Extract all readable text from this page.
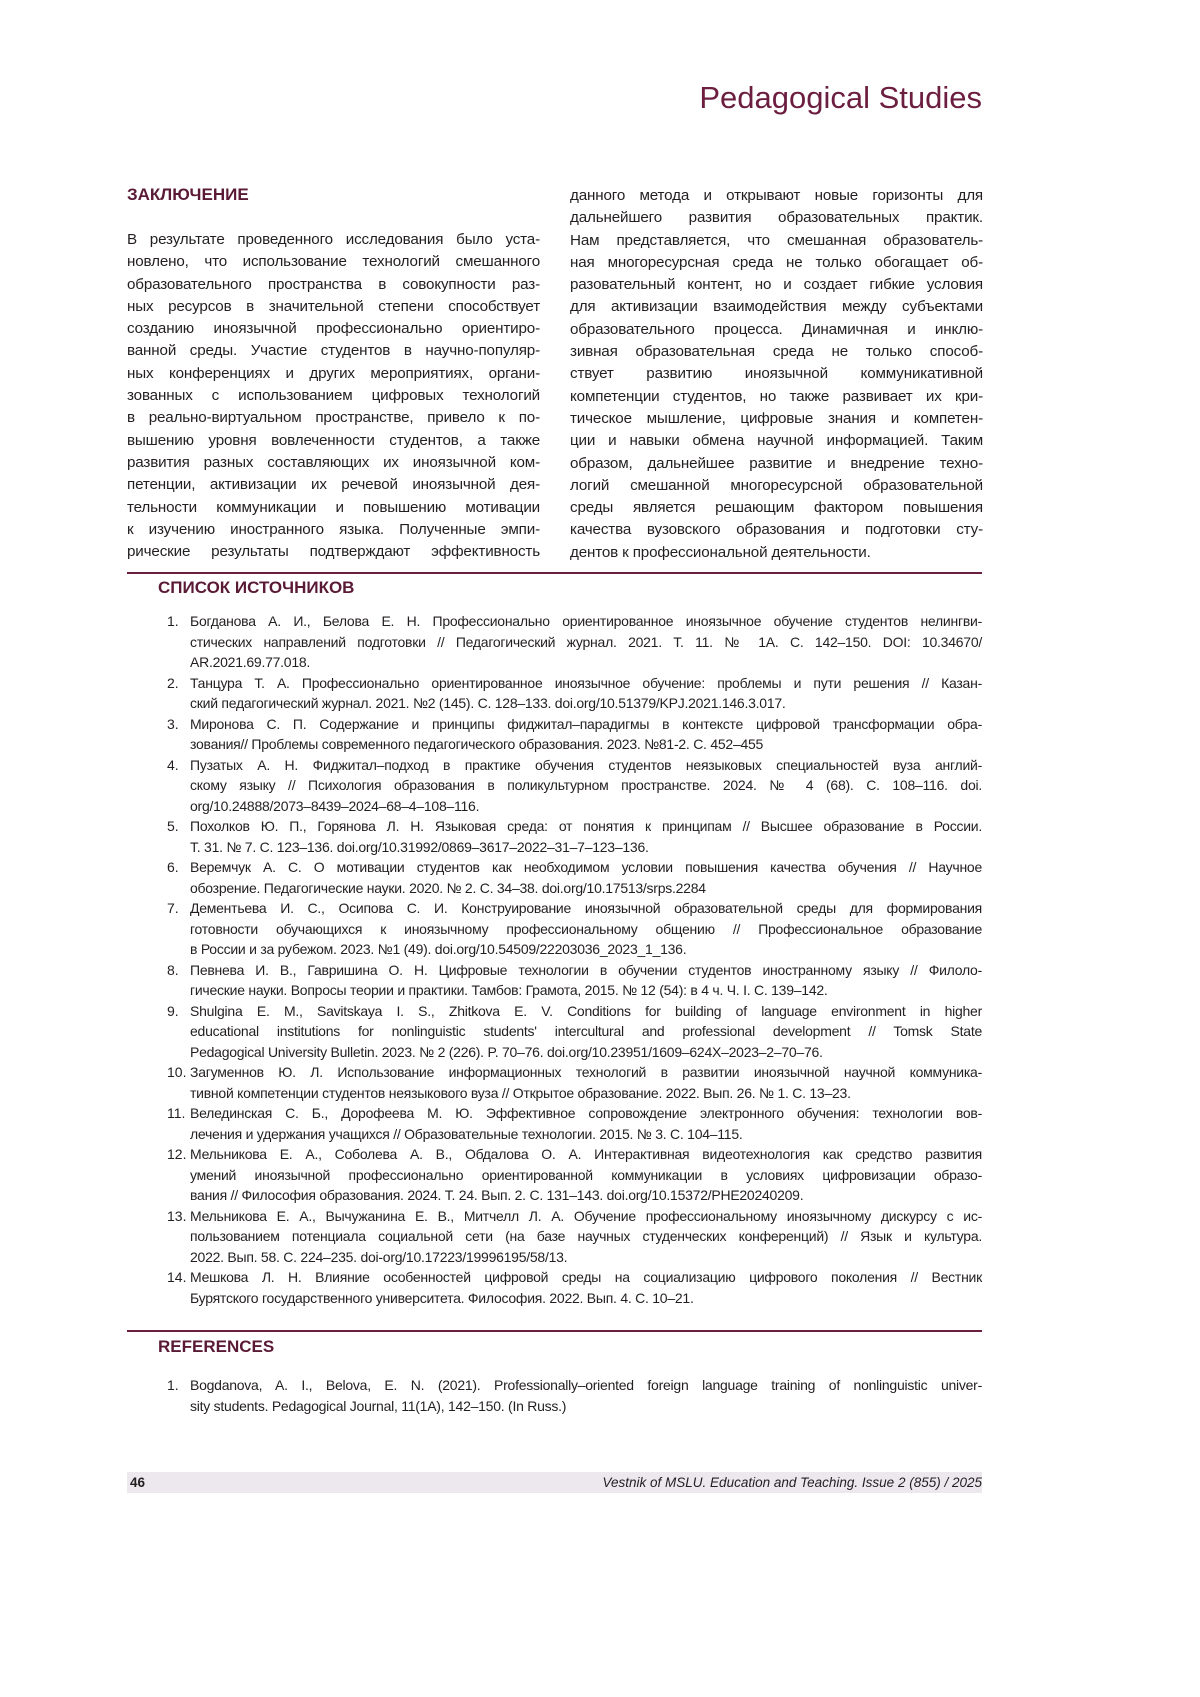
Pedagogical Studies
ЗАКЛЮЧЕНИЕ
В результате проведенного исследования было уста-
новлено, что использование технологий смешанного
образовательного пространства в совокупности раз-
ных ресурсов в значительной степени способствует
созданию иноязычной профессионально ориентиро-
ванной среды. Участие студентов в научно-популяр-
ных конференциях и других мероприятиях, органи-
зованных с использованием цифровых технологий
в реально-виртуальном пространстве, привело к по-
вышению уровня вовлеченности студентов, а также
развития разных составляющих их иноязычной ком-
петенции, активизации их речевой иноязычной дея-
тельности коммуникации и повышению мотивации
к изучению иностранного языка. Полученные эмпи-
рические результаты подтверждают эффективность
данного метода и открывают новые горизонты для
дальнейшего развития образовательных практик.
Нам представляется, что смешанная образователь-
ная многоресурсная среда не только обогащает об-
разовательный контент, но и создает гибкие условия
для активизации взаимодействия между субъектами
образовательного процесса. Динамичная и инклю-
зивная образовательная среда не только способ-
ствует развитию иноязычной коммуникативной
компетенции студентов, но также развивает их кри-
тическое мышление, цифровые знания и компетен-
ции и навыки обмена научной информацией. Таким
образом, дальнейшее развитие и внедрение техно-
логий смешанной многоресурсной образовательной
среды является решающим фактором повышения
качества вузовского образования и подготовки сту-
дентов к профессиональной деятельности.
СПИСОК ИСТОЧНИКОВ
1. Богданова А. И., Белова Е. Н. Профессионально ориентированное иноязычное обучение студентов нелингви-
стических направлений подготовки // Педагогический журнал. 2021. Т. 11. № 1А. С. 142–150. DOI: 10.34670/
AR.2021.69.77.018.
2. Танцура Т. А. Профессионально ориентированное иноязычное обучение: проблемы и пути решения // Казан-
ский педагогический журнал. 2021. №2 (145). С. 128–133. doi.org/10.51379/KPJ.2021.146.3.017.
3. Миронова С. П. Содержание и принципы фиджитал–парадигмы в контексте цифровой трансформации обра-
зования// Проблемы современного педагогического образования. 2023. №81-2. С. 452–455
4. Пузатых А. Н. Фиджитал–подход в практике обучения студентов неязыковых специальностей вуза англий-
скому языку // Психология образования в поликультурном пространстве. 2024. № 4 (68). С. 108–116. doi.
org/10.24888/2073–8439–2024–68–4–108–116.
5. Похолков Ю. П., Горянова Л. Н. Языковая среда: от понятия к принципам // Высшее образование в России.
Т. 31. № 7. С. 123–136. doi.org/10.31992/0869–3617–2022–31–7–123–136.
6. Веремчук А. С. О мотивации студентов как необходимом условии повышения качества обучения // Научное
обозрение. Педагогические науки. 2020. № 2. С. 34–38. doi.org/10.17513/srps.2284
7. Дементьева И. С., Осипова С. И. Конструирование иноязычной образовательной среды для формирования
готовности обучающихся к иноязычному профессиональному общению // Профессиональное образование
в России и за рубежом. 2023. №1 (49). doi.org/10.54509/22203036_2023_1_136.
8. Певнева И. В., Гавришина О. Н. Цифровые технологии в обучении студентов иностранному языку // Филоло-
гические науки. Вопросы теории и практики. Тамбов: Грамота, 2015. № 12 (54): в 4 ч. Ч. I. С. 139–142.
9. Shulgina E. M., Savitskaya I. S., Zhitkova E. V. Conditions for building of language environment in higher
educational institutions for nonlinguistic students' intercultural and professional development // Tomsk State
Pedagogical University Bulletin. 2023. № 2 (226). P. 70–76. doi.org/10.23951/1609–624X–2023–2–70–76.
10. Загуменнов Ю. Л. Использование информационных технологий в развитии иноязычной научной коммуника-
тивной компетенции студентов неязыкового вуза // Открытое образование. 2022. Вып. 26. № 1. С. 13–23.
11. Велединская С. Б., Дорофеева М. Ю. Эффективное сопровождение электронного обучения: технологии вов-
лечения и удержания учащихся // Образовательные технологии. 2015. № 3. С. 104–115.
12. Мельникова Е. А., Соболева А. В., Обдалова О. А. Интерактивная видеотехнология как средство развития
умений иноязычной профессионально ориентированной коммуникации в условиях цифровизации образо-
вания // Философия образования. 2024. Т. 24. Вып. 2. С. 131–143. doi.org/10.15372/PHE20240209.
13. Мельникова Е. А., Вычужанина Е. В., Митчелл Л. А. Обучение профессиональному иноязычному дискурсу с ис-
пользованием потенциала социальной сети (на базе научных студенческих конференций) // Язык и культура.
2022. Вып. 58. С. 224–235. doi-org/10.17223/19996195/58/13.
14. Мешкова Л. Н. Влияние особенностей цифровой среды на социализацию цифрового поколения // Вестник
Бурятского государственного университета. Философия. 2022. Вып. 4. С. 10–21.
REFERENCES
1. Bogdanova, A. I., Belova, E. N. (2021). Professionally–oriented foreign language training of nonlinguistic univer-
sity students. Pedagogical Journal, 11(1A), 142–150. (In Russ.)
46	Vestnik of MSLU. Education and Teaching. Issue 2 (855) / 2025
